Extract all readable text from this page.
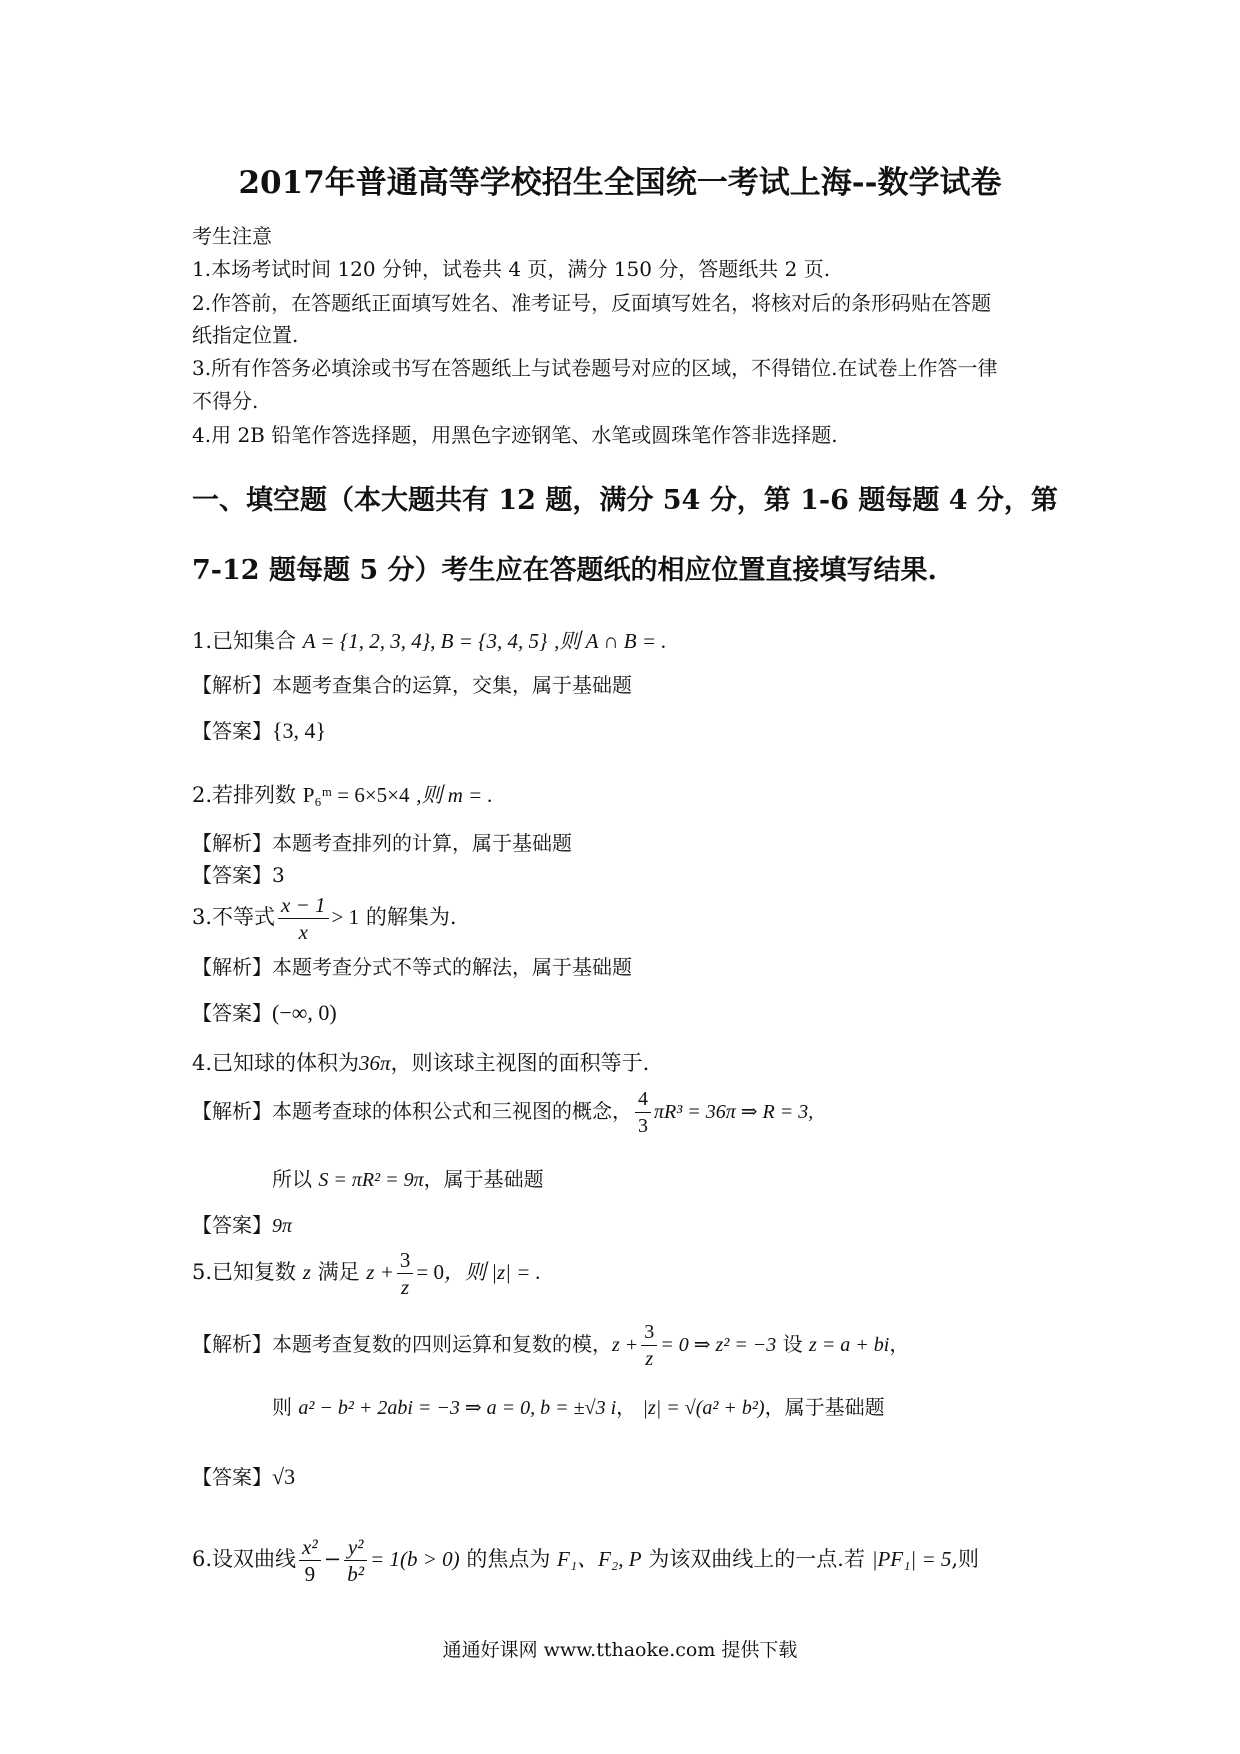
2017年普通高等学校招生全国统一考试上海--数学试卷
考生注意
1.本场考试时间 120 分钟，试卷共 4 页，满分 150 分，答题纸共 2 页.
2.作答前，在答题纸正面填写姓名、准考证号，反面填写姓名，将核对后的条形码贴在答题
纸指定位置.
3.所有作答务必填涂或书写在答题纸上与试卷题号对应的区域，不得错位.在试卷上作答一律
不得分.
4.用 2B 铅笔作答选择题，用黑色字迹钢笔、水笔或圆珠笔作答非选择题.
一、填空题（本大题共有 12 题，满分 54 分，第 1-6 题每题 4 分，第
7-12 题每题 5 分）考生应在答题纸的相应位置直接填写结果.
1.已知集合 A = {1, 2, 3, 4}, B = {3, 4, 5} ,则 A ∩ B = .
【解析】本题考查集合的运算，交集，属于基础题
【答案】{3, 4}
2.若排列数 P₆ᵐ = 6×5×4 ,则 m = .
【解析】本题考查排列的计算，属于基础题
【答案】3
3.不等式 $\frac{x - 1}{x} > 1$ 的解集为.
【解析】本题考查分式不等式的解法，属于基础题
【答案】(−∞, 0)
4.已知球的体积为36π，则该球主视图的面积等于.
【解析】本题考查球的体积公式和三视图的概念， $\frac{4}{3} \pi R^3 = 36\pi$ ⇒ R = 3,
所以 S = πR² = 9π，属于基础题
【答案】9π
5.已知复数 z 满足 $z + \frac{3}{z} = 0$，则 |z| = .
【解析】本题考查复数的四则运算和复数的模，$z + \frac{3}{z} = 0$ ⇒ z² = −3 设 z = a + bi，
则 a² − b² + 2abi = −3 ⇒ a = 0, b = ±√3 i， |z| = √(a² + b²)，属于基础题
【答案】√3
6.设双曲线 $\frac{\text{x²}}{9} - \frac{\text{y²}}{\text{b²}} = 1(b > 0)$ 的焦点为 F₁、F₂, P 为该双曲线上的一点.若 |PF₁| = 5,则
通通好课网 www.tthaoke.com 提供下载
